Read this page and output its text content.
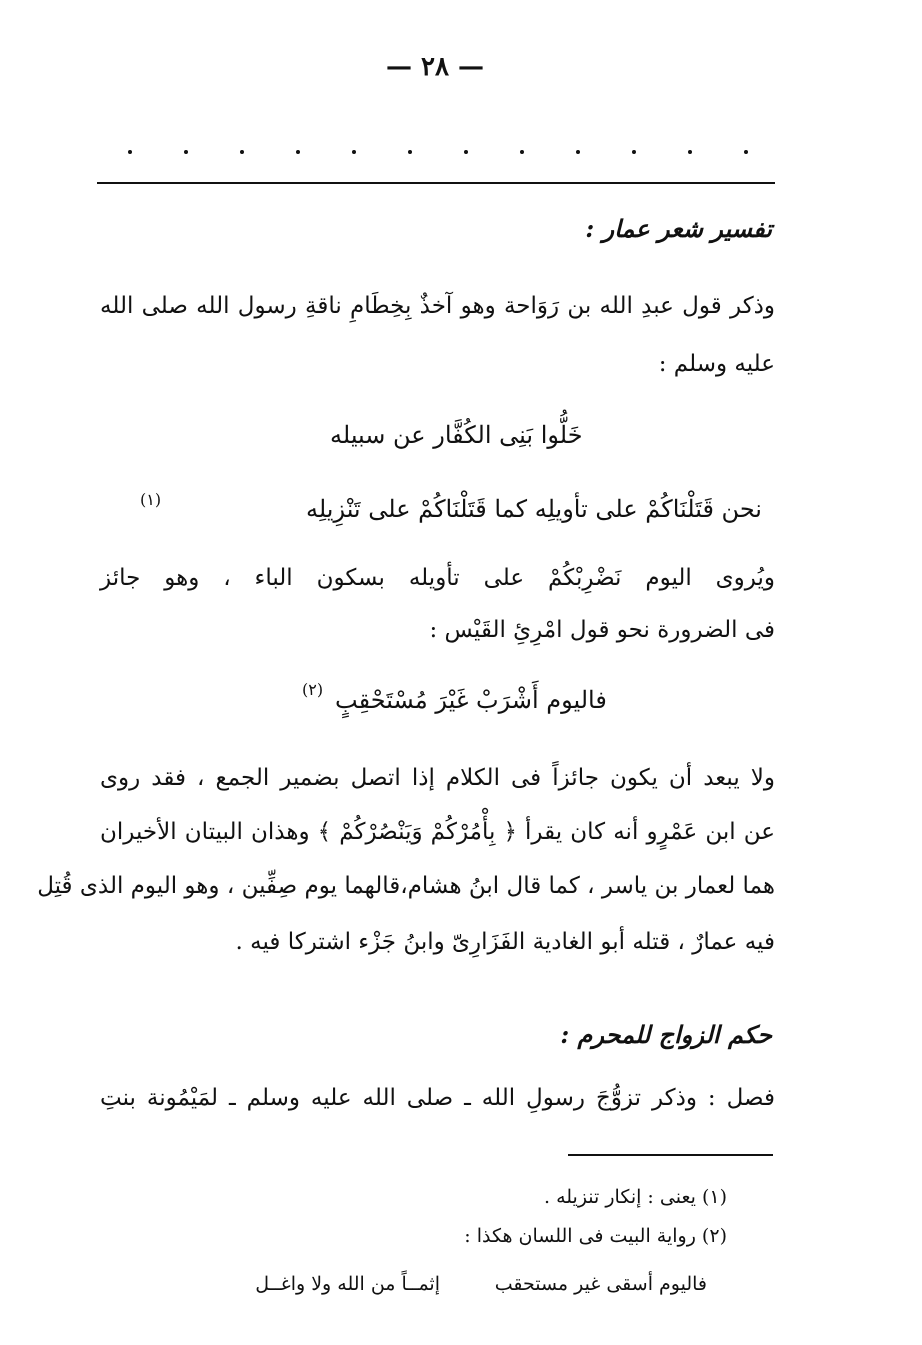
— ٢٨ —
تفسير شعر عمار :
وذكر قول عبدِ الله بن رَوَاحة وهو آخذٌ بِخِطَامِ ناقةِ رسول الله صلى الله
عليه وسلم :
خَلُّوا بَنِى الكُفَّار عن سبيله
نحن قَتَلْنَاكُمْ على تأويلِه
كما قَتَلْنَاكُمْ على تَنْزِيلِه
(١)
ويُروى اليوم نَضْرِبْكُمْ على تأويله بسكون الباء ، وهو جائز
فى الضرورة نحو قول امْرِئِ القَيْس :
فاليوم أَشْرَبْ غَيْرَ مُسْتَحْقِبٍ
(٢)
ولا يبعد أن يكون جائزاً فى الكلام إذا اتصل بضمير الجمع ، فقد روى
عن ابن عَمْرٍو أنه كان يقرأ ﴿ بِأْمُرْكُمْ وَيَنْصُرْكُمْ ﴾ وهذان البيتان الأخيران
هما لعمار بن ياسر ، كما قال ابنُ هشام،قالهما يوم صِفِّين ، وهو اليوم الذى قُتِل
فيه عمارٌ ، قتله أبو الغادية الفَزَارِىّ وابنُ جَزْء اشتركا فيه .
حكم الزواج للمحرم :
فصل : وذكر تزوُّجَ رسولِ الله ـ صلى الله عليه وسلم ـ لمَيْمُونة بنتِ
(١) يعنى : إنكار تنزيله .
(٢) رواية البيت فى اللسان هكذا :
فاليوم أسقى غير مستحقب
إثمــاً من الله ولا واغــل
